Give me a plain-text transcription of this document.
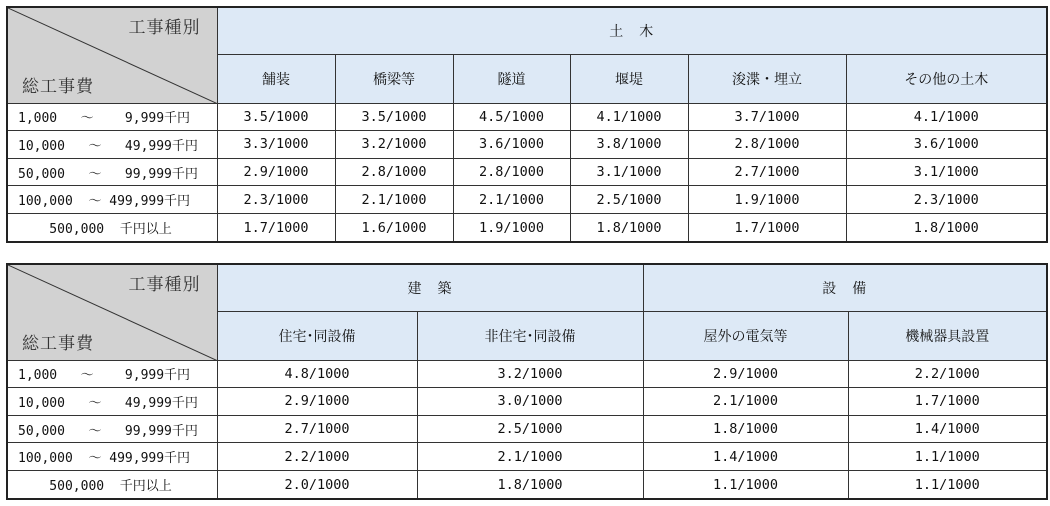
工事種別
総工事費	土　木					
	舗装	橋梁等	隧道	堰堤	浚渫・埋立	その他の土木
1,000   ～    9,999千円	3.5/1000	3.5/1000	4.5/1000	4.1/1000	3.7/1000	4.1/1000
10,000   ～   49,999千円	3.3/1000	3.2/1000	3.6/1000	3.8/1000	2.8/1000	3.6/1000
50,000   ～   99,999千円	2.9/1000	2.8/1000	2.8/1000	3.1/1000	2.7/1000	3.1/1000
100,000  ～ 499,999千円	2.3/1000	2.1/1000	2.1/1000	2.5/1000	1.9/1000	2.3/1000
500,000  千円以上	1.7/1000	1.6/1000	1.9/1000	1.8/1000	1.7/1000	1.8/1000
工事種別
総工事費	建　築		設　備	
	住宅･同設備	非住宅･同設備	屋外の電気等	機械器具設置
1,000   ～    9,999千円	4.8/1000	3.2/1000	2.9/1000	2.2/1000
10,000   ～   49,999千円	2.9/1000	3.0/1000	2.1/1000	1.7/1000
50,000   ～   99,999千円	2.7/1000	2.5/1000	1.8/1000	1.4/1000
100,000  ～ 499,999千円	2.2/1000	2.1/1000	1.4/1000	1.1/1000
500,000  千円以上	2.0/1000	1.8/1000	1.1/1000	1.1/1000
